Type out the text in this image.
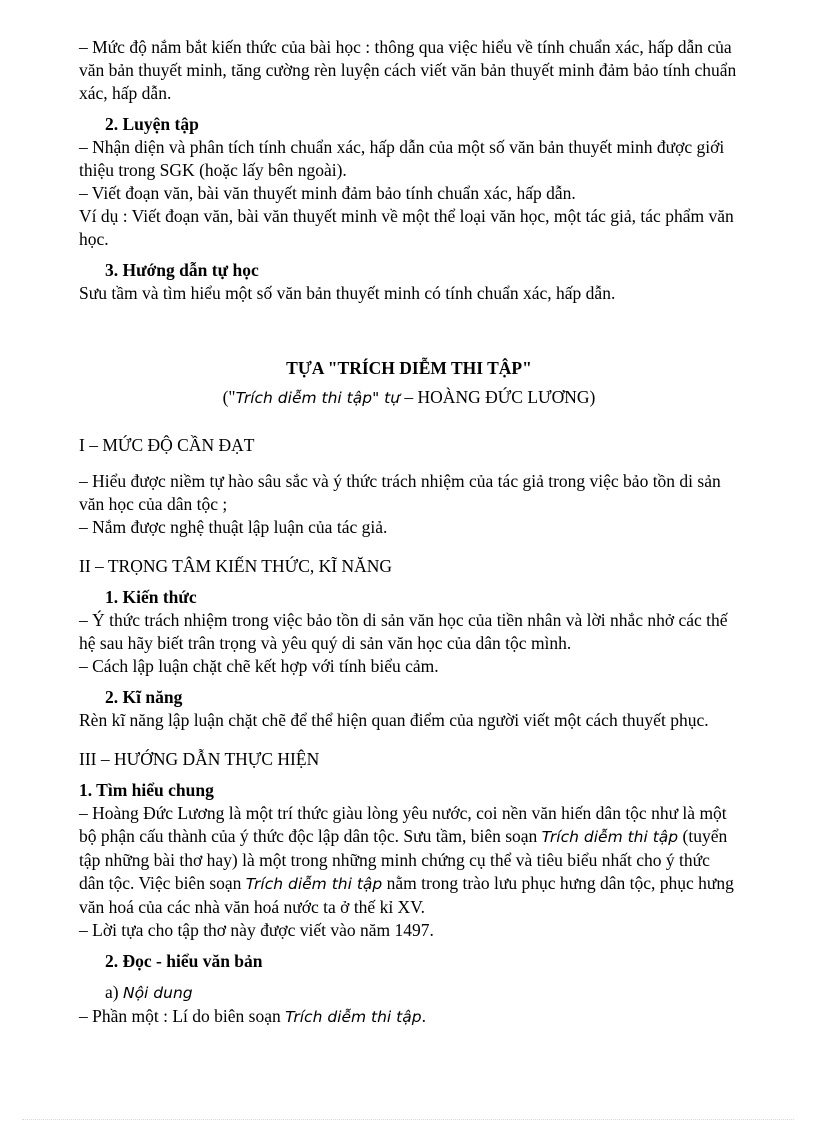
– Mức độ nắm bắt kiến thức của bài học : thông qua việc hiểu về tính chuẩn xác, hấp dẫn của văn bản thuyết minh, tăng cường rèn luyện cách viết văn bản thuyết minh đảm bảo tính chuẩn xác, hấp dẫn.

2. Luyện tập

– Nhận diện và phân tích tính chuẩn xác, hấp dẫn của một số văn bản thuyết minh được giới thiệu trong SGK (hoặc lấy bên ngoài).

– Viết đoạn văn, bài văn thuyết minh đảm bảo tính chuẩn xác, hấp dẫn.

Ví dụ : Viết đoạn văn, bài văn thuyết minh về một thể loại văn học, một tác giả, tác phẩm văn học.

3. Hướng dẫn tự học

Sưu tầm và tìm hiểu một số văn bản thuyết minh có tính chuẩn xác, hấp dẫn.

TỰA "TRÍCH DIỄM THI TẬP"

("Trích diễm thi tập" tự – HOÀNG ĐỨC LƯƠNG)

I – MỨC ĐỘ CẦN ĐẠT

– Hiểu được niềm tự hào sâu sắc và ý thức trách nhiệm của tác giả trong việc bảo tồn di sản văn học của dân tộc ;

– Nắm được nghệ thuật lập luận của tác giả.

II – TRỌNG TÂM KIẾN THỨC, KĨ NĂNG

1. Kiến thức

– Ý thức trách nhiệm trong việc bảo tồn di sản văn học của tiền nhân và lời nhắc nhở các thế hệ sau hãy biết trân trọng và yêu quý di sản văn học của dân tộc mình.

– Cách lập luận chặt chẽ kết hợp với tính biểu cảm.

2. Kĩ năng

Rèn kĩ năng lập luận chặt chẽ để thể hiện quan điểm của người viết một cách thuyết phục.

III – HƯỚNG DẪN THỰC HIỆN

1. Tìm hiểu chung

– Hoàng Đức Lương là một trí thức giàu lòng yêu nước, coi nền văn hiến dân tộc như là một bộ phận cấu thành của ý thức độc lập dân tộc. Sưu tầm, biên soạn Trích diễm thi tập (tuyển tập những bài thơ hay) là một trong những minh chứng cụ thể và tiêu biểu nhất cho ý thức dân tộc. Việc biên soạn Trích diễm thi tập nằm trong trào lưu phục hưng dân tộc, phục hưng văn hoá của các nhà văn hoá nước ta ở thế kỉ XV.

– Lời tựa cho tập thơ này được viết vào năm 1497.

2. Đọc - hiểu văn bản

a) Nội dung

– Phần một : Lí do biên soạn Trích diễm thi tập.
